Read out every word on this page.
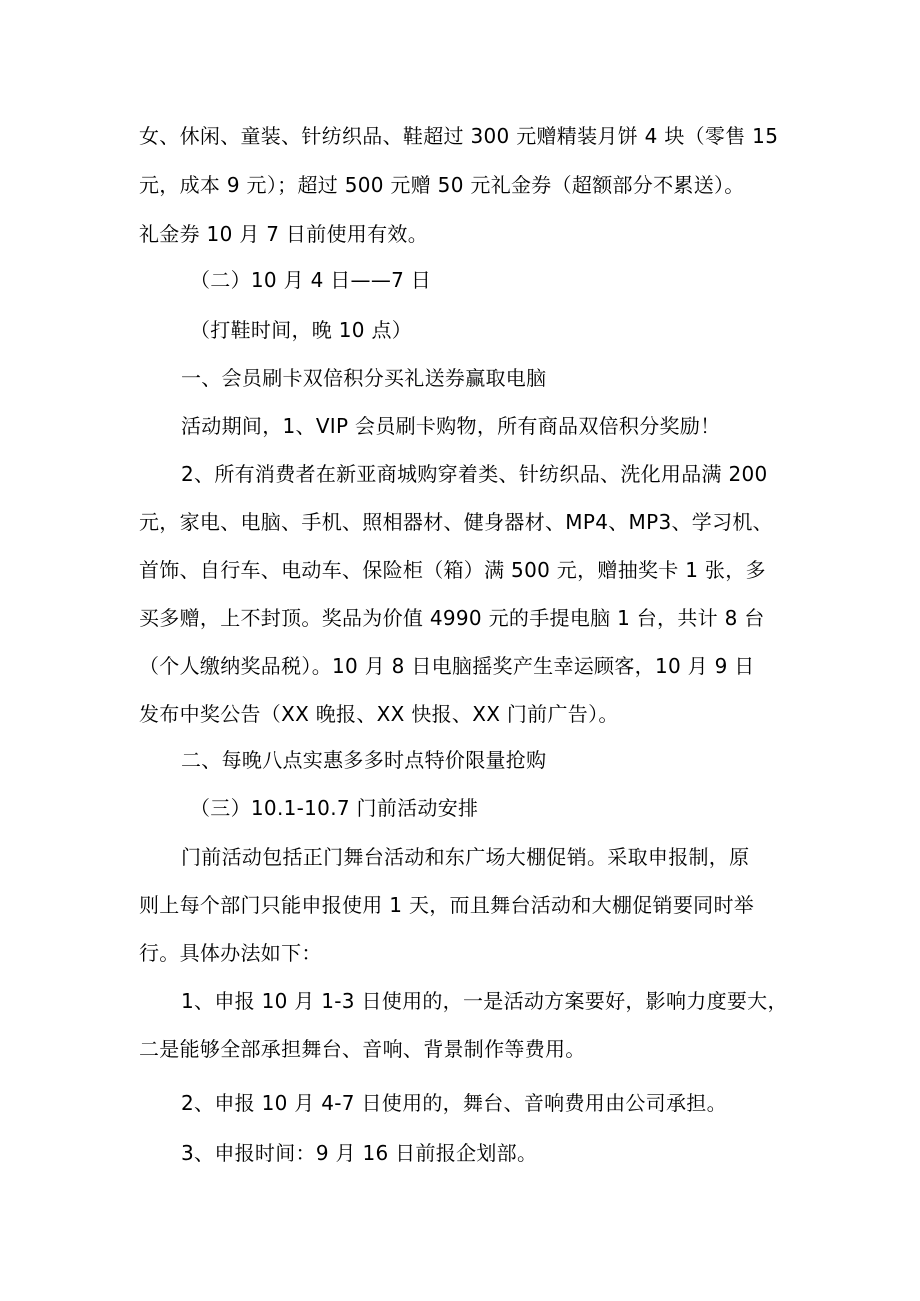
女、休闲、童装、针纺织品、鞋超过 300 元赠精装月饼 4 块（零售 15
元，成本 9 元）；超过 500 元赠 50 元礼金券（超额部分不累送）。
礼金券 10 月 7 日前使用有效。
（二）10 月 4 日——7 日
（打鞋时间，晚 10 点）
一、会员刷卡双倍积分买礼送券赢取电脑
活动期间，1、VIP 会员刷卡购物，所有商品双倍积分奖励！
2、所有消费者在新亚商城购穿着类、针纺织品、洗化用品满 200
元，家电、电脑、手机、照相器材、健身器材、MP4、MP3、学习机、
首饰、自行车、电动车、保险柜（箱）满 500 元，赠抽奖卡 1 张，多
买多赠，上不封顶。奖品为价值 4990 元的手提电脑 1 台，共计 8 台
（个人缴纳奖品税）。10 月 8 日电脑摇奖产生幸运顾客，10 月 9 日
发布中奖公告（XX 晚报、XX 快报、XX 门前广告）。
二、每晚八点实惠多多时点特价限量抢购
（三）10.1-10.7 门前活动安排
门前活动包括正门舞台活动和东广场大棚促销。采取申报制，原
则上每个部门只能申报使用 1 天，而且舞台活动和大棚促销要同时举
行。具体办法如下：
1、申报 10 月 1-3 日使用的，一是活动方案要好，影响力度要大，
二是能够全部承担舞台、音响、背景制作等费用。
2、申报 10 月 4-7 日使用的，舞台、音响费用由公司承担。
3、申报时间：9 月 16 日前报企划部。
